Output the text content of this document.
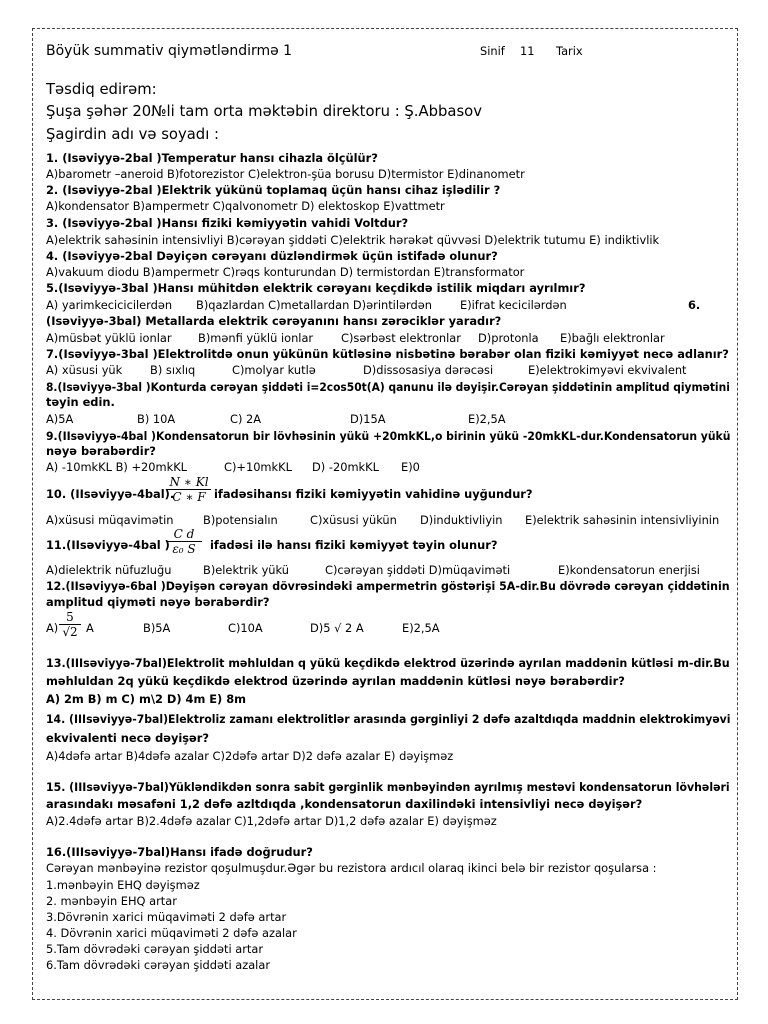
Böyük summativ qiymətləndirmə 1	Sinif 11 Tarix
Təsdiq edirəm:
Şuşa şəhər 20№li tam orta məktəbin direktoru : Ş.Abbasov
Şagirdin adı və soyadı :
1. (Isəviyyə-2bal )Temperatur hansı cihazla ölçülür?
A)barometr –aneroid B)fotorezistor C)elektron-şüa borusu D)termistor E)dinanometr
2. (Isəviyyə-2bal )Elektrik yükünü toplamaq üçün hansı cihaz işlədilir ?
A)kondensator B)ampermetr C)qalvonometr D) elektoskop E)vattmetr
3. (Isəviyyə-2bal )Hansı fiziki kəmiyyətin vahidi Voltdur?
A)elektrik sahəsinin intensivliyi B)cərəyan şiddəti C)elektrik hərəkət qüvvəsi D)elektrik tutumu E) indiktivlik
4. (Isəviyyə-2bal Dəyiçən cərəyanı düzləndirmək üçün istifadə olunur?
A)vakuum diodu B)ampermetr C)rəqs konturundan D) termistordan E)transformator
5.(Isəviyyə-3bal )Hansı mühitdən elektrik cərəyanı keçdikdə istilik miqdarı ayrılmır?
A) yarimkecicicilerdən B)qazlardan C)metallardan D)ərintilərdən E)ifrat kecicilərdən	6.
(Isəviyyə-3bal) Metallarda elektrik cərəyanını hansı zərəciklər yaradır?
A)müsbət yüklü ionlar B)mənfi yüklü ionlar C)sərbəst elektronlar D)protonla E)bağlı elektronlar
7.(Isəviyyə-3bal )Elektrolitdə onun yükünün kütləsinə nisbətinə bərabər olan fiziki kəmiyyət necə adlanır?
A) xüsusi yük B) sıxlıq	C)molyar kutlə	D)dissosasiya dərəcəsi	E)elektrokimyəvi ekvivalent
8.(Isəviyyə-3bal )Konturda cərəyan şiddəti i=2cos50t(A) qanunu ilə dəyişir.Cərəyan şiddətinin amplitud qiymətini
təyin edin.
A)5A	B) 10A	C) 2A	D)15A	E)2,5A
9.(IIsəviyyə-4bal )Kondensatorun bir lövhəsinin yükü +20mkKL,o birinin yükü -20mkKL-dur.Kondensatorun yükü
nəyə bərabərdir?
A) -10mkKL B) +20mkKL	C)+10mkKL D) -20mkKL E)0
10. (IIsəviyyə-4bal).
$\frac{N ∗ Kl}{C ∗ F}$ ifadəsihansı fiziki kəmiyyətin vahidinə uyğundur?
A)xüsusi müqavimətin	B)potensialın	C)xüsusi yükün D)induktivliyin E)elektrik sahəsinin intensivliyinin
11.(IIsəviyyə-4bal )
$\frac{\text{C d}}{\text{ε₀ S}}$ ifadəsi ilə hansı fiziki kəmiyyət təyin olunur?
A)dielektrik nüfuzluğu	B)elektrik yükü	C)cərəyan şiddəti D)müqaviməti	E)kondensatorun enerjisi
12.(IIsəviyyə-6bal )Dəyişən cərəyan dövrəsindəki ampermetrin göstərişi 5A-dir.Bu dövrədə cərəyan çiddətinin
amplitud qiyməti nəyə bərabərdir?
$A) \frac{5}{√2}$ A	B)5A	C)10A	D)5 √ 2 A	E)2,5A
13.(IIIsəviyyə-7bal)Elektrolit məhluldan q yükü keçdikdə elektrod üzərində ayrılan maddənin kütləsi m-dir.Bu
məhluldan 2q yükü keçdikdə elektrod üzərində ayrılan maddənin kütləsi nəyə bərabərdir?
A) 2m B) m C) m\2 D) 4m E) 8m
14. (IIIsəviyyə-7bal)Elektroliz zamanı elektrolitlər arasında gərginliyi 2 dəfə azaltdıqda maddnin elektrokimyəvi
ekvivalenti necə dəyişər?
A)4dəfə artar B)4dəfə azalar C)2dəfə artar D)2 dəfə azalar E) dəyişməz
15. (IIIsəviyyə-7bal)Yükləndikdən sonra sabit gərginlik mənbəyindən ayrılmış mestəvi kondensatorun lövhələri
arasındakı məsafəni 1,2 dəfə azltdıqda ,kondensatorun daxilindəki intensivliyi necə dəyişər?
A)2.4dəfə artar B)2.4dəfə azalar C)1,2dəfə artar D)1,2 dəfə azalar E) dəyişməz
16.(IIIsəviyyə-7bal)Hansı ifadə doğrudur?
Cərəyan mənbəyinə rezistor qoşulmuşdur.Əgər bu rezistora ardıcıl olaraq ikinci belə bir rezistor qoşularsa :
1.mənbəyin EHQ dəyişməz
2. mənbəyin EHQ artar
3.Dövrənin xarici müqaviməti 2 dəfə artar
4. Dövrənin xarici müqaviməti 2 dəfə azalar
5.Tam dövrədəki cərəyan şiddəti artar
6.Tam dövrədəki cərəyan şiddəti azalar
